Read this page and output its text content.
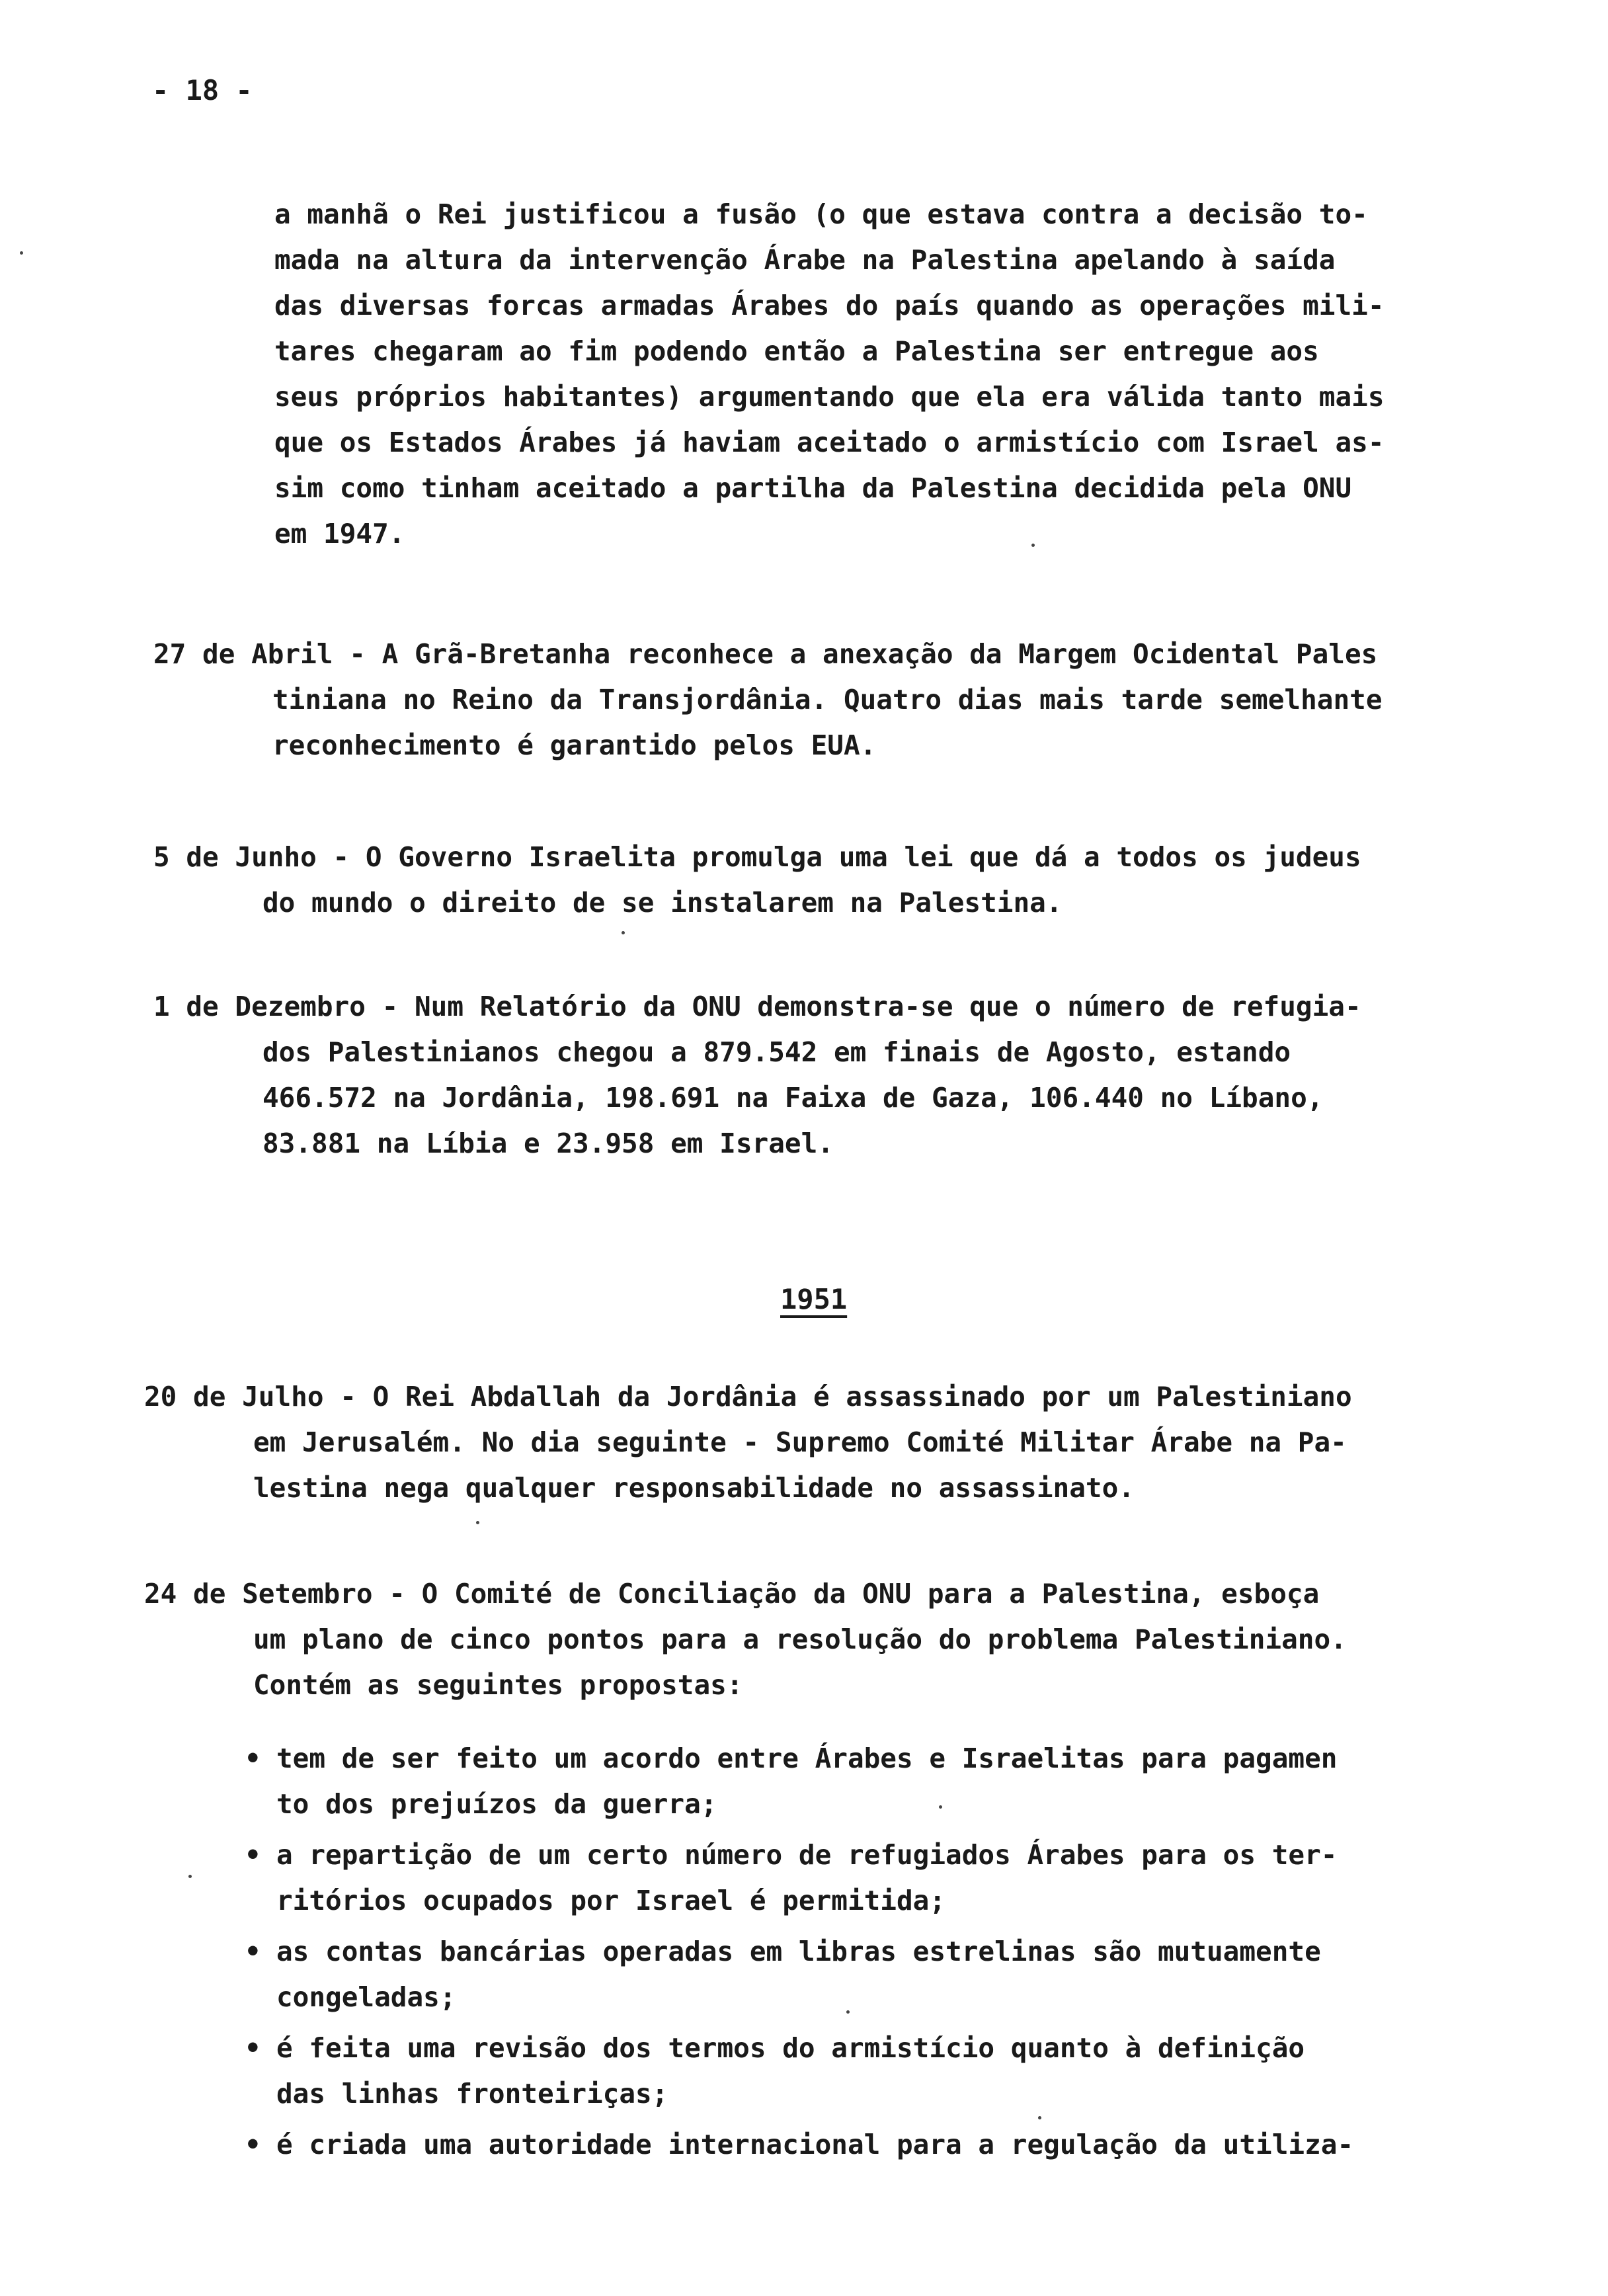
- 18 -
a manhã o Rei justificou a fusão (o que estava contra a decisão to-
mada na altura da intervenção Árabe na Palestina apelando à saída
das diversas forcas armadas Árabes do país quando as operações mili-
tares chegaram ao fim podendo então a Palestina ser entregue aos
seus próprios habitantes) argumentando que ela era válida tanto mais
que os Estados Árabes já haviam aceitado o armistício com Israel as-
sim como tinham aceitado a partilha da Palestina decidida pela ONU
em 1947.
27 de Abril - A Grã-Bretanha reconhece a anexação da Margem Ocidental Pales
tiniana no Reino da Transjordânia. Quatro dias mais tarde semelhante
reconhecimento é garantido pelos EUA.
5 de Junho - O Governo Israelita promulga uma lei que dá a todos os judeus
do mundo o direito de se instalarem na Palestina.
1 de Dezembro - Num Relatório da ONU demonstra-se que o número de refugia-
dos Palestinianos chegou a 879.542 em finais de Agosto, estando
466.572 na Jordânia, 198.691 na Faixa de Gaza, 106.440 no Líbano,
83.881 na Líbia e 23.958 em Israel.
1951
20 de Julho - O Rei Abdallah da Jordânia é assassinado por um Palestiniano
em Jerusalém. No dia seguinte - Supremo Comité Militar Árabe na Pa-
lestina nega qualquer responsabilidade no assassinato.
24 de Setembro - O Comité de Conciliação da ONU para a Palestina, esboça
um plano de cinco pontos para a resolução do problema Palestiniano.
Contém as seguintes propostas:
• tem de ser feito um acordo entre Árabes e Israelitas para pagamen
to dos prejuízos da guerra;
• a repartição de um certo número de refugiados Árabes para os ter-
ritórios ocupados por Israel é permitida;
• as contas bancárias operadas em libras estrelinas são mutuamente
congeladas;
• é feita uma revisão dos termos do armistício quanto à definição
das linhas fronteiriças;
• é criada uma autoridade internacional para a regulação da utiliza-
